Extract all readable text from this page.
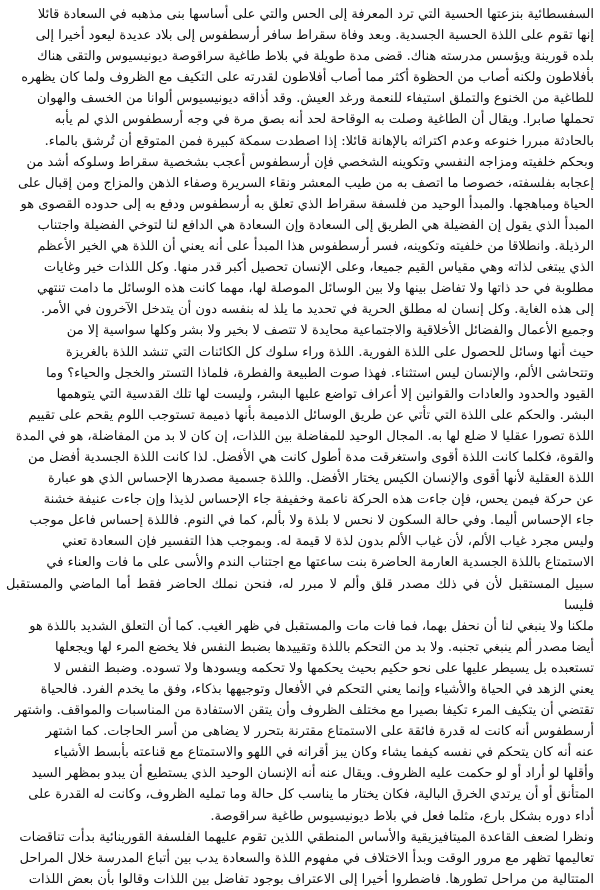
السفسطائية بنزعتها الحسية التي ترد المعرفة إلى الحس والتي على أساسها بنى مذهبه في السعادة قائلا
إنها تقوم على اللذة الحسية الجسدية. وبعد وفاة سقراط سافر أرسطفوس إلى بلاد عديدة ليعود أخيرا إلى
بلده قورينة ويؤسس مدرسته هناك. قضى مدة طويلة في بلاط طاغية سراقوصة ديونيسيوس والتقى هناك
بأفلاطون ولكنه أصاب من الحظوة أكثر مما أصاب أفلاطون لقدرته على التكيف مع الظروف ولما كان يظهره
للطاغية من الخنوع والتملق استيفاء للنعمة ورغد العيش. وقد أذاقه ديونيسيوس ألوانا من الخسف والهوان
تحملها صابرا. ويقال أن الطاغية وصلت به الوقاحة لحد أنه بصق مرة في وجه أرسطفوس الذي لم يأبه
بالحادثة مبررا خنوعه وعدم اكتراثه بالإهانة قائلا: إذا اصطدت سمكة كبيرة فمن المتوقع أن تُرشق بالماء.

وبحكم خلفيته ومزاجه النفسي وتكوينه الشخصي فإن أرسطفوس أعجب بشخصية سقراط وسلوكه أشد من
إعجابه بفلسفته، خصوصا ما اتصف به من طيب المعشر ونقاء السريرة وصفاء الذهن والمزاج ومن إقبال على
الحياة ومباهجها. والمبدأ الوحيد من فلسفة سقراط الذي تعلق به أرسطفوس ودفع به إلى حدوده القصوى هو
المبدأ الذي يقول إن الفضيلة هي الطريق إلى السعادة وإن السعادة هي الدافع لنا لتوخي الفضيلة واجتناب
الرذيلة. وانطلاقا من خلفيته وتكوينه، فسر أرسطفوس هذا المبدأ على أنه يعني أن اللذة هي الخير الأعظم
الذي يبتغى لذاته وهي مقياس القيم جميعا، وعلى الإنسان تحصيل أكبر قدر منها. وكل اللذات خير وغايات
مطلوبة في حد ذاتها ولا تفاضل بينها ولا بين الوسائل الموصلة لها، مهما كانت هذه الوسائل ما دامت تنتهي
إلى هذه الغاية. وكل إنسان له مطلق الحرية في تحديد ما يلذ له بنفسه دون أن يتدخل الآخرون في الأمر.
وجميع الأعمال والفضائل الأخلاقية والاجتماعية محايدة لا تتصف لا بخير ولا بشر وكلها سواسية إلا من
حيث أنها وسائل للحصول على اللذة الفورية. اللذة وراء سلوك كل الكائنات التي تنشد اللذة بالغريزة
وتتحاشى الألم، والإنسان ليس استثناء. فهذا صوت الطبيعة والفطرة، فلماذا التستر والخجل والحياء؟ وما
القيود والحدود والعادات والقوانين إلا أعراف تواضع عليها البشر، وليست لها تلك القدسية التي يتوهمها
البشر. والحكم على اللذة التي تأتي عن طريق الوسائل الذميمة بأنها ذميمة تستوجب اللوم يقحم على تقييم
اللذة تصورا عقليا لا ضلع لها به. المجال الوحيد للمفاضلة بين اللذات، إن كان لا بد من المفاضلة، هو في المدة
والقوة، فكلما كانت اللذة أقوى واستغرقت مدة أطول كانت هي الأفضل. لذا كانت اللذة الجسدية أفضل من
اللذة العقلية لأنها أقوى والإنسان الكيس يختار الأفضل. واللذة جسمية مصدرها الإحساس الذي هو عبارة
عن حركة فيمن يحس، فإن جاءت هذه الحركة ناعمة وخفيفة جاء الإحساس لذيذا وإن جاءت عنيفة خشنة
جاء الإحساس أليما. وفي حالة السكون لا نحس لا بلذة ولا بألم، كما في النوم. فاللذة إحساس فاعل موجب
وليس مجرد غياب الألم، لأن غياب الألم بدون لذة لا قيمة له. وبموجب هذا التفسير فإن السعادة تعني
الاستمتاع باللذة الجسدية العارمة الحاضرة بنت ساعتها مع اجتناب الندم والأسى على ما فات والعناء في
سبيل المستقبل لأن في ذلك مصدر قلق وألم لا مبرر له، فنحن نملك الحاضر فقط أما الماضي والمستقبل فليسا
ملكنا ولا ينبغي لنا أن نحفل بهما، فما فات مات والمستقبل في ظهر الغيب. كما أن التعلق الشديد باللذة هو
أيضا مصدر ألم ينبغي تجنبه. ولا بد من التحكم باللذة وتقييدها بضبط النفس فلا يخضع المرء لها ويجعلها
تستعبده بل يسيطر عليها على نحو حكيم بحيث يحكمها ولا تحكمه ويسودها ولا تسوده. وضبط النفس لا
يعني الزهد في الحياة والأشياء وإنما يعني التحكم في الأفعال وتوجيهها بذكاء، وفق ما يخدم الفرد. فالحياة
تقتضي أن يتكيف المرء تكيفا بصيرا مع مختلف الظروف وأن يتقن الاستفادة من المناسبات والمواقف. واشتهر
أرسطفوس أنه كانت له قدرة فائقة على الاستمتاع مقترنة بتحرر لا يضاهى من أسر الحاجات. كما اشتهر
عنه أنه كان يتحكم في نفسه كيفما يشاء وكان يبز أقرانه في اللهو والاستمتاع مع قناعته بأبسط الأشياء
وأقلها لو أراد أو لو حكمت عليه الظروف. ويقال عنه أنه الإنسان الوحيد الذي يستطيع أن يبدو بمظهر السيد
المتأنق أو أن يرتدي الخرق البالية، فكان يختار ما يناسب كل حالة وما تمليه الظروف، وكانت له القدرة على
أداء دوره بشكل بارع، مثلما فعل في بلاط ديونيسيوس طاغية سراقوصة.

ونظرا لضعف القاعدة الميتافيزيقية والأساس المنطقي اللذين تقوم عليهما الفلسفة القورينائية بدأت تناقضات
تعاليمها تظهر مع مرور الوقت وبدأ الاختلاف في مفهوم اللذة والسعادة يدب بين أتباع المدرسة خلال المراحل
المتتالية من مراحل تطورها. فاضطروا أخيرا إلى الاعتراف بوجود تفاضل بين اللذات وقالوا بأن بعض اللذات
